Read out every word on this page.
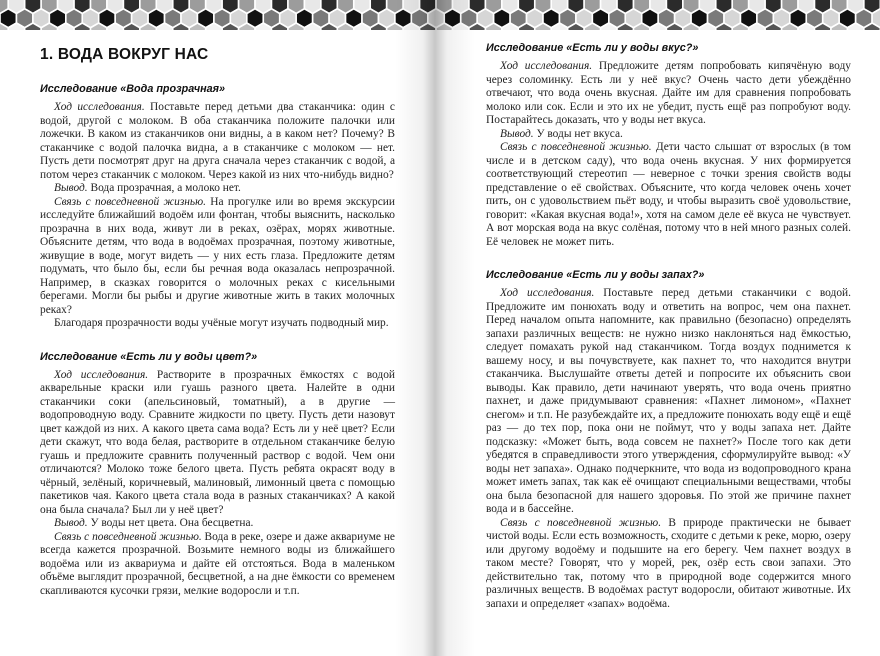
1. ВОДА ВОКРУГ НАС
Исследование «Вода прозрачная»

Ход исследования. Поставьте перед детьми два стаканчика: один с водой, другой с молоком. В оба стаканчика положите палочки или ложечки. В каком из стаканчиков они видны, а в каком нет? Почему? В стаканчике с водой палочка видна, а в стаканчике с молоком — нет. Пусть дети посмотрят друг на друга сначала через стаканчик с водой, а потом через стаканчик с молоком. Через какой из них что-нибудь видно?

Вывод. Вода прозрачная, а молоко нет.

Связь с повседневной жизнью. На прогулке или во время экскурсии исследуйте ближайший водоём или фонтан, чтобы выяснить, насколько прозрачна в них вода, живут ли в реках, озёрах, морях животные. Объясните детям, что вода в водоёмах прозрачная, поэтому животные, живущие в воде, могут видеть — у них есть глаза. Предложите детям подумать, что было бы, если бы речная вода оказалась непрозрачной. Например, в сказках говорится о молочных реках с кисельными берегами. Могли бы рыбы и другие животные жить в таких молочных реках?

Благодаря прозрачности воды учёные могут изучать подводный мир.

Исследование «Есть ли у воды цвет?»

Ход исследования. Растворите в прозрачных ёмкостях с водой акварельные краски или гуашь разного цвета. Налейте в одни стаканчики соки (апельсиновый, томатный), а в другие — водопроводную воду. Сравните жидкости по цвету. Пусть дети назовут цвет каждой из них. А какого цвета сама вода? Есть ли у неё цвет? Если дети скажут, что вода белая, растворите в отдельном стаканчике белую гуашь и предложите сравнить полученный раствор с водой. Чем они отличаются? Молоко тоже белого цвета. Пусть ребята окрасят воду в чёрный, зелёный, коричневый, малиновый, лимонный цвета с помощью пакетиков чая. Какого цвета стала вода в разных стаканчиках? А какой она была сначала? Был ли у неё цвет?

Вывод. У воды нет цвета. Она бесцветна.

Связь с повседневной жизнью. Вода в реке, озере и даже аквариуме не всегда кажется прозрачной. Возьмите немного воды из ближайшего водоёма или из аквариума и дайте ей отстояться. Вода в маленьком объёме выглядит прозрачной, бесцветной, а на дне ёмкости со временем скапливаются кусочки грязи, мелкие водоросли и т.п.

Исследование «Есть ли у воды вкус?»

Ход исследования. Предложите детям попробовать кипячёную воду через соломинку. Есть ли у неё вкус? Очень часто дети убеждённо отвечают, что вода очень вкусная. Дайте им для сравнения попробовать молоко или сок. Если и это их не убедит, пусть ещё раз попробуют воду. Постарайтесь доказать, что у воды нет вкуса.

Вывод. У воды нет вкуса.

Связь с повседневной жизнью. Дети часто слышат от взрослых (в том числе и в детском саду), что вода очень вкусная. У них формируется соответствующий стереотип — неверное с точки зрения свойств воды представление о её свойствах. Объясните, что когда человек очень хочет пить, он с удовольствием пьёт воду, и чтобы выразить своё удовольствие, говорит: «Какая вкусная вода!», хотя на самом деле её вкуса не чувствует. А вот морская вода на вкус солёная, потому что в ней много разных солей. Её человек не может пить.

Исследование «Есть ли у воды запах?»

Ход исследования. Поставьте перед детьми стаканчики с водой. Предложите им понюхать воду и ответить на вопрос, чем она пахнет. Перед началом опыта напомните, как правильно (безопасно) определять запахи различных веществ: не нужно низко наклоняться над ёмкостью, следует помахать рукой над стаканчиком. Тогда воздух поднимется к вашему носу, и вы почувствуете, как пахнет то, что находится внутри стаканчика. Выслушайте ответы детей и попросите их объяснить свои выводы. Как правило, дети начинают уверять, что вода очень приятно пахнет, и даже придумывают сравнения: «Пахнет лимоном», «Пахнет снегом» и т.п. Не разубеждайте их, а предложите понюхать воду ещё и ещё раз — до тех пор, пока они не поймут, что у воды запаха нет. Дайте подсказку: «Может быть, вода совсем не пахнет?» После того как дети убедятся в справедливости этого утверждения, сформулируйте вывод: «У воды нет запаха». Однако подчеркните, что вода из водопроводного крана может иметь запах, так как её очищают специальными веществами, чтобы она была безопасной для нашего здоровья. По этой же причине пахнет вода и в бассейне.

Связь с повседневной жизнью. В природе практически не бывает чистой воды. Если есть возможность, сходите с детьми к реке, морю, озеру или другому водоёму и подышите на его берегу. Чем пахнет воздух в таком месте? Говорят, что у морей, рек, озёр есть свои запахи. Это действительно так, потому что в природной воде содержится много различных веществ. В водоёмах растут водоросли, обитают животные. Их запахи и определяет «запах» водоёма.
